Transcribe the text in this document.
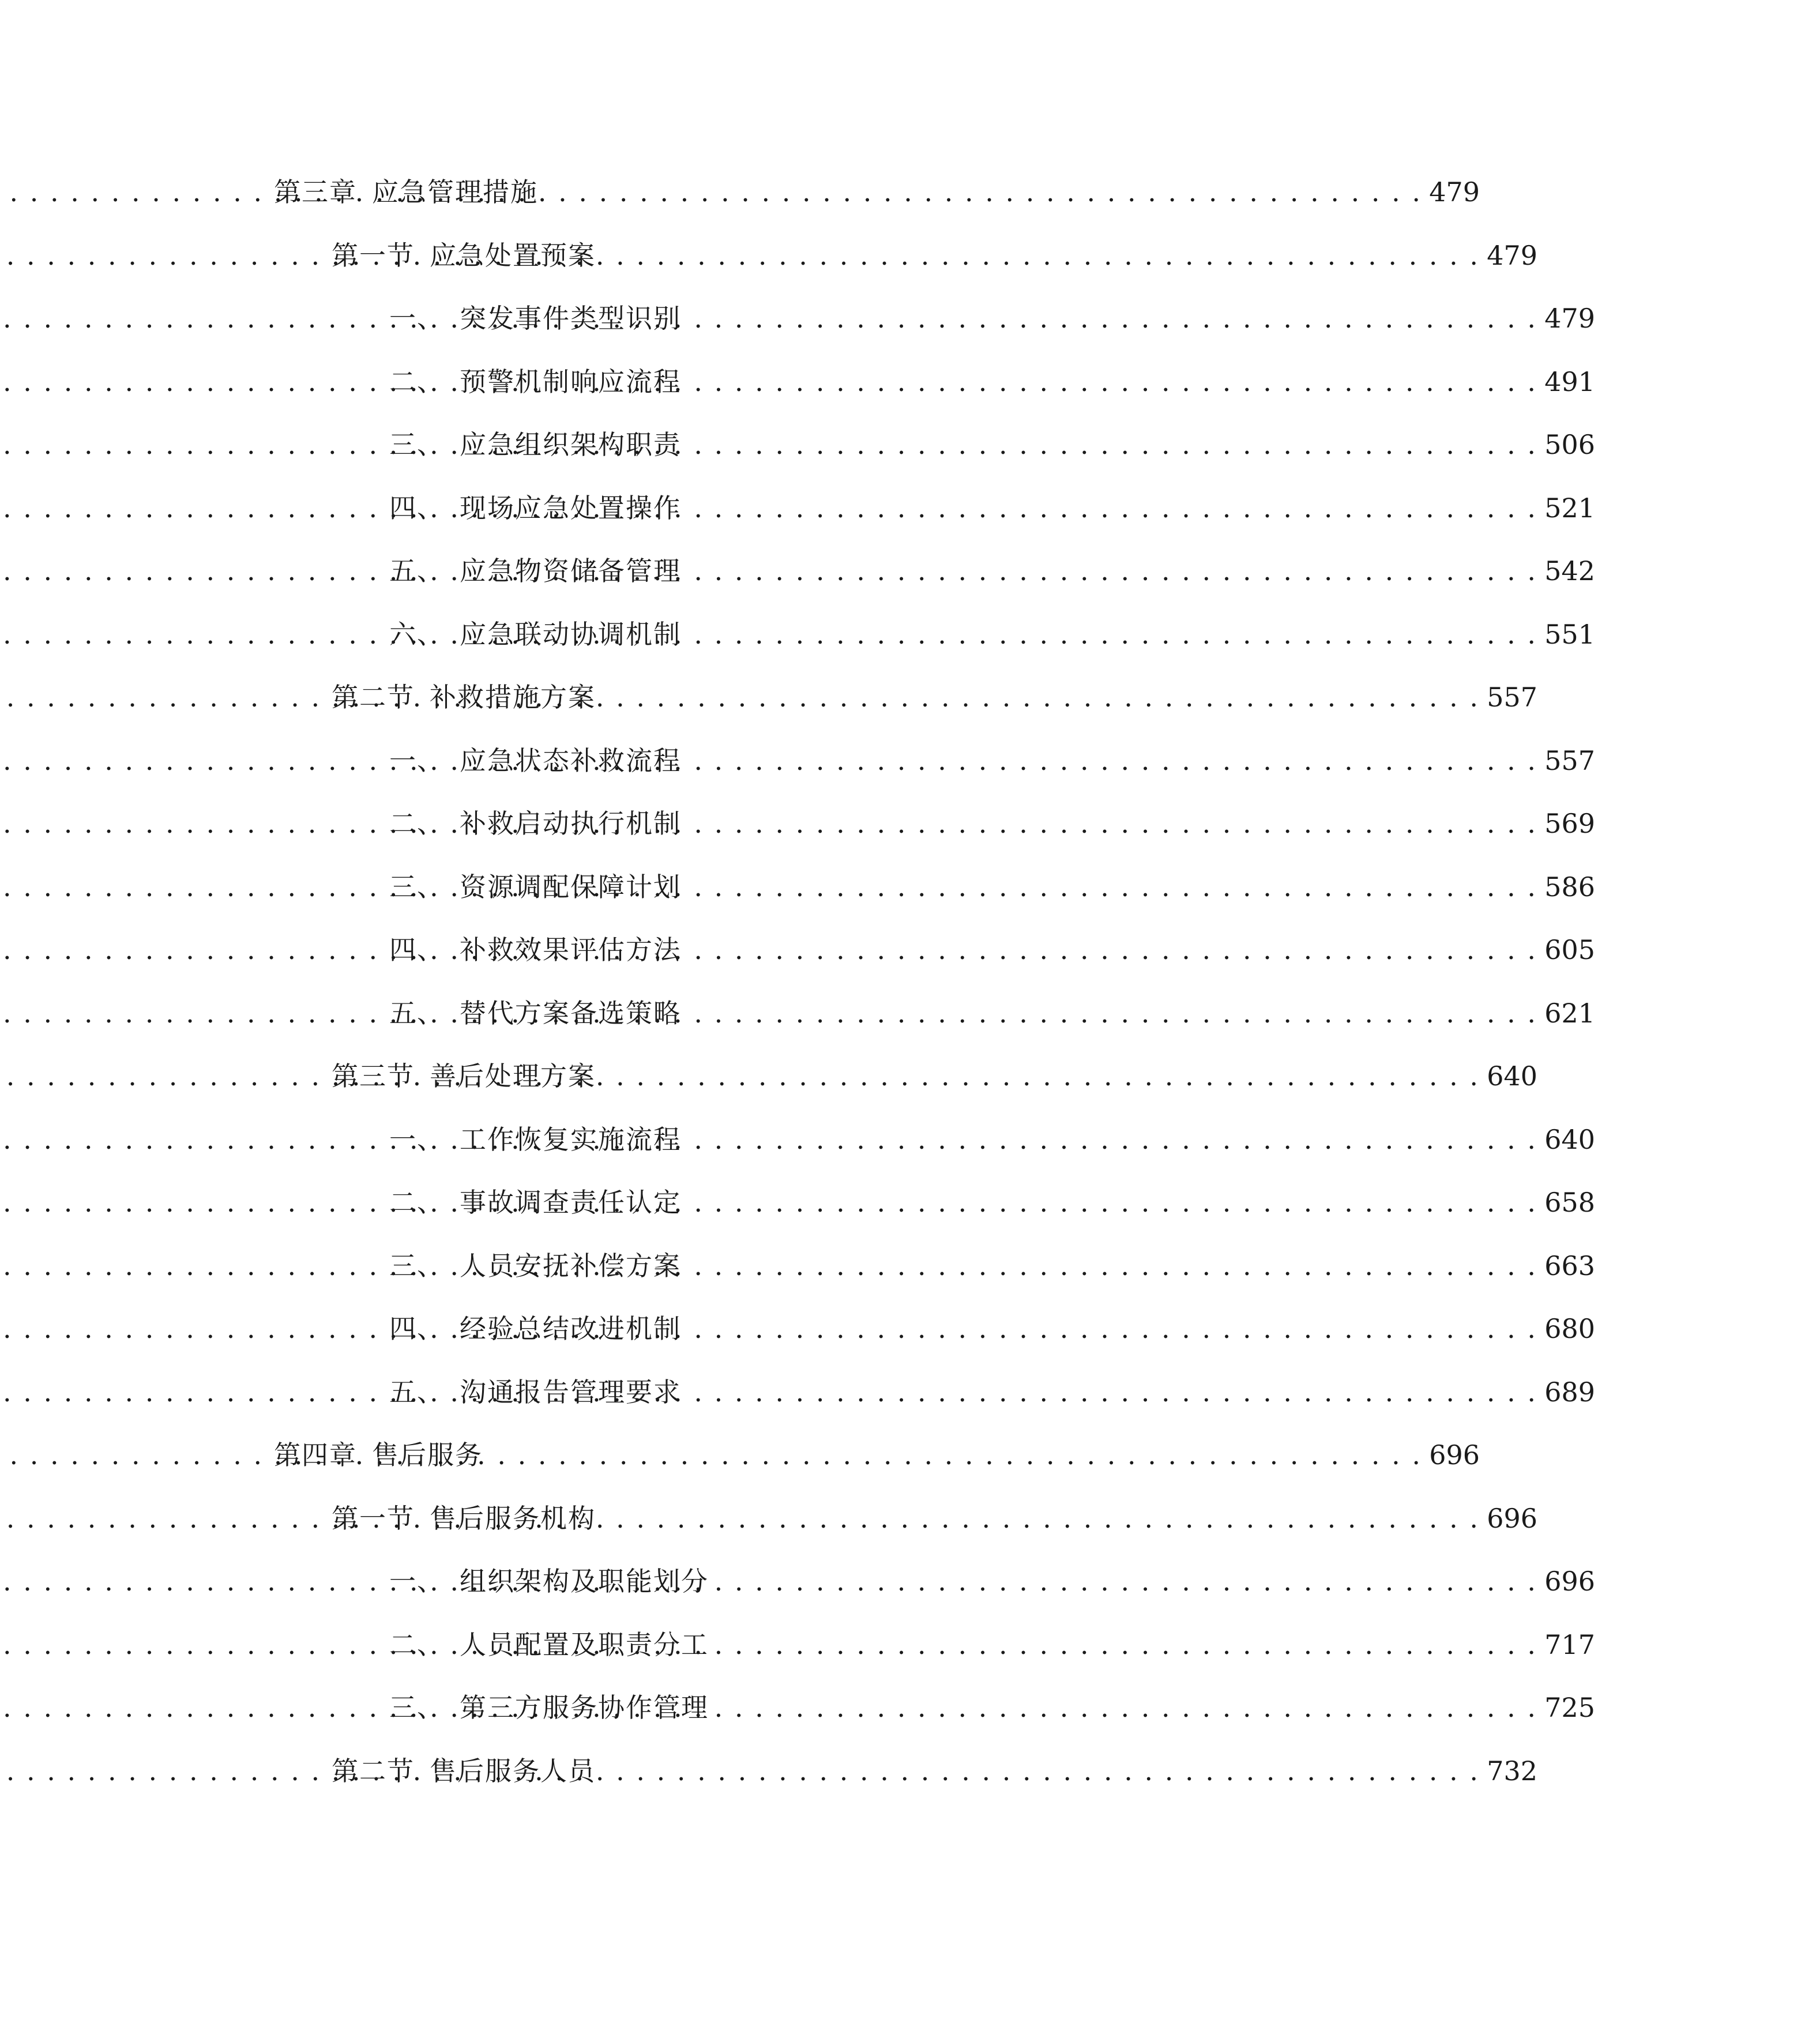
第三章 应急管理措施 . . .	479
第一节 应急处置预案 . . .	479
一、 突发事件类型识别 . . .	479
二、 预警机制响应流程 . . .	491
三、 应急组织架构职责 . . .	506
四、 现场应急处置操作 . . .	521
五、 应急物资储备管理 . . .	542
六、 应急联动协调机制 . . .	551
第二节 补救措施方案 . . .	557
一、 应急状态补救流程 . . .	557
二、 补救启动执行机制 . . .	569
三、 资源调配保障计划 . . .	586
四、 补救效果评估方法 . . .	605
五、 替代方案备选策略 . . .	621
第三节 善后处理方案 . . .	640
一、 工作恢复实施流程 . . .	640
二、 事故调查责任认定 . . .	658
三、 人员安抚补偿方案 . . .	663
四、 经验总结改进机制 . . .	680
五、 沟通报告管理要求 . . .	689
第四章 售后服务 . . .	696
第一节 售后服务机构 . . .	696
一、 组织架构及职能划分 . . .	696
二、 人员配置及职责分工 . . .	717
三、 第三方服务协作管理 . . .	725
第二节 售后服务人员 . . .	732
